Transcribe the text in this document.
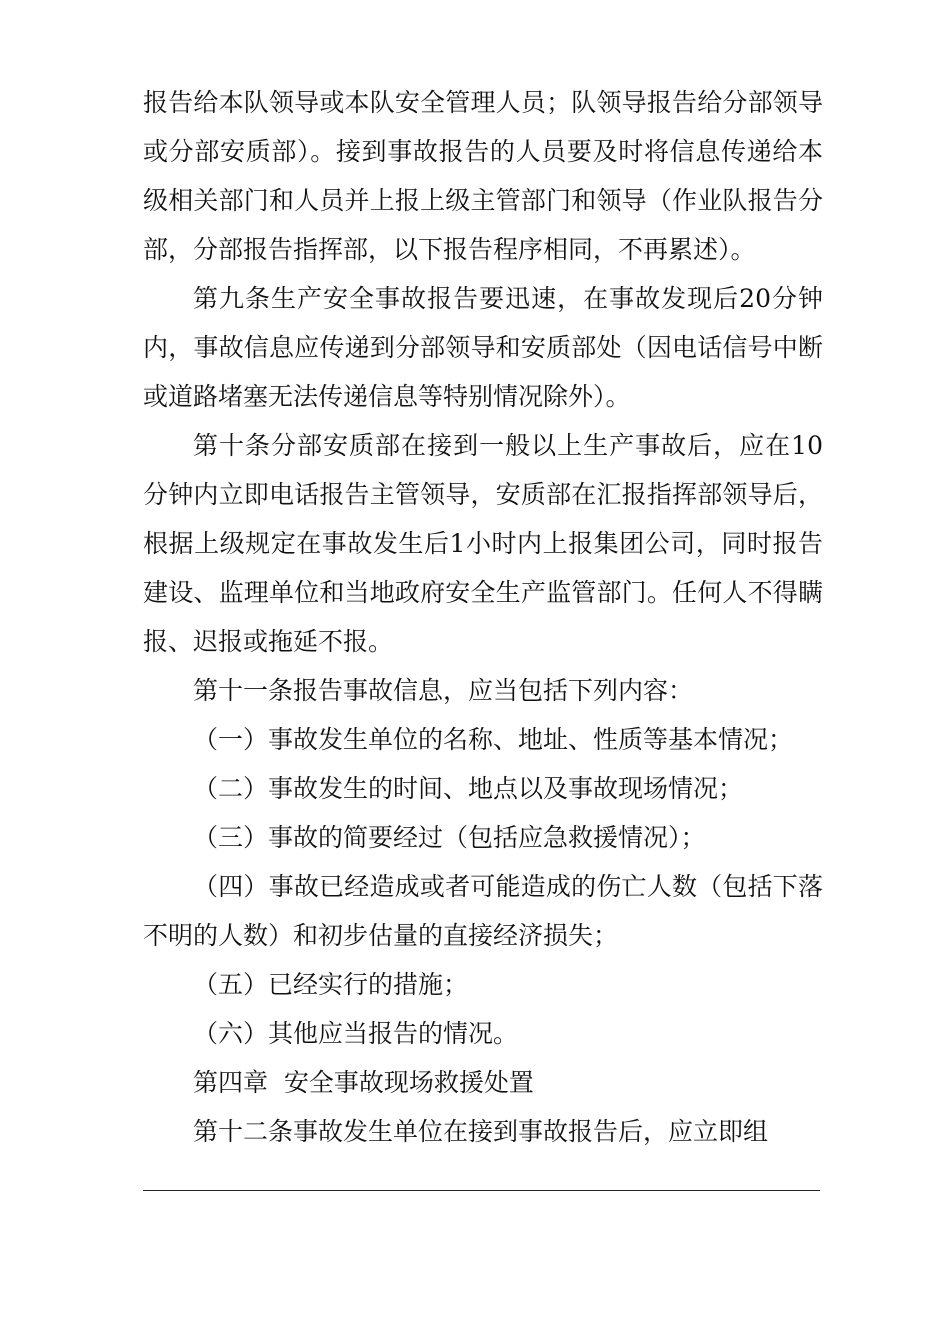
报告给本队领导或本队安全管理人员；队领导报告给分部领导或分部安质部）。接到事故报告的人员要及时将信息传递给本级相关部门和人员并上报上级主管部门和领导（作业队报告分部，分部报告指挥部，以下报告程序相同，不再累述）。

第九条生产安全事故报告要迅速，在事故发现后20分钟内，事故信息应传递到分部领导和安质部处（因电话信号中断或道路堵塞无法传递信息等特别情况除外）。

第十条分部安质部在接到一般以上生产事故后，应在10分钟内立即电话报告主管领导，安质部在汇报指挥部领导后，根据上级规定在事故发生后1小时内上报集团公司，同时报告建设、监理单位和当地政府安全生产监管部门。任何人不得瞒报、迟报或拖延不报。

第十一条报告事故信息，应当包括下列内容：

（一）事故发生单位的名称、地址、性质等基本情况；

（二）事故发生的时间、地点以及事故现场情况；

（三）事故的简要经过（包括应急救援情况）；

（四）事故已经造成或者可能造成的伤亡人数（包括下落不明的人数）和初步估量的直接经济损失；

（五）已经实行的措施；

（六）其他应当报告的情况。

第四章  安全事故现场救援处置

第十二条事故发生单位在接到事故报告后，应立即组
